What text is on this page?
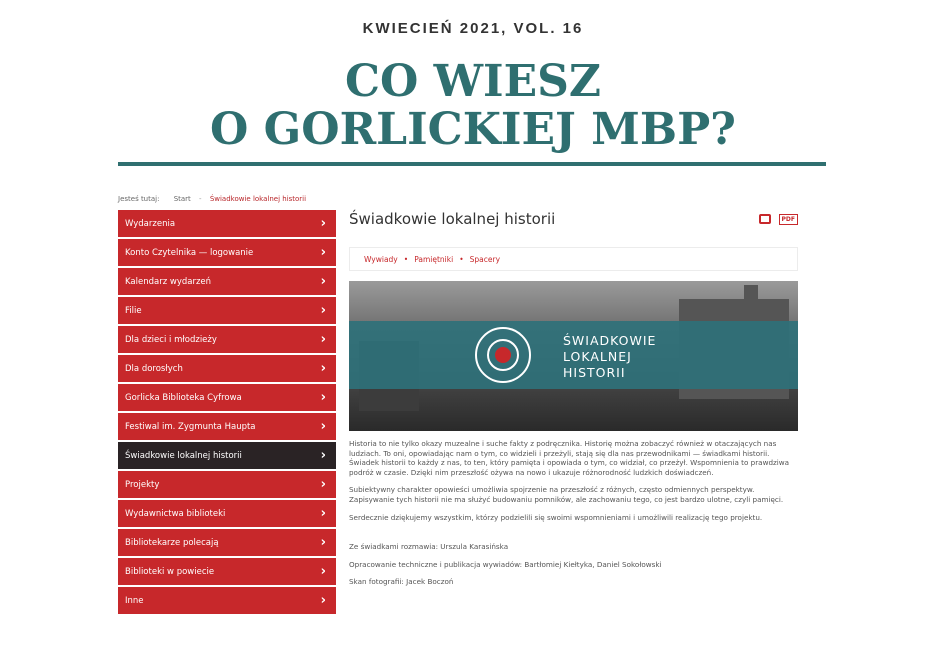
KWIECIEŃ 2021, VOL. 16
CO WIESZ
O GORLICKIEJ MBP?
Jesteś tutaj: Start - Świadkowie lokalnej historii
Wydarzenia	›
Konto Czytelnika — logowanie	›
Kalendarz wydarzeń	›
Filie	›
Dla dzieci i młodzieży	›
Dla dorosłych	›
Gorlicka Biblioteka Cyfrowa	›
Festiwal im. Zygmunta Haupta	›
Świadkowie lokalnej historii	›
Projekty	›
Wydawnictwa biblioteki	›
Bibliotekarze polecają	›
Biblioteki w powiecie	›
Inne	›
Świadkowie lokalnej historii	PDF
Wywiady • Pamiętniki • Spacery
ŚWIADKOWIE
LOKALNEJ
HISTORII

Historia to nie tylko okazy muzealne i suche fakty z podręcznika. Historię można zobaczyć również w otaczających nas ludziach. To oni, opowiadając nam o tym, co widzieli i przeżyli, stają się dla nas przewodnikami — świadkami historii. Świadek historii to każdy z nas, to ten, który pamięta i opowiada o tym, co widział, co przeżył. Wspomnienia to prawdziwa podróż w czasie. Dzięki nim przeszłość ożywa na nowo i ukazuje różnorodność ludzkich doświadczeń.

Subiektywny charakter opowieści umożliwia spojrzenie na przeszłość z różnych, często odmiennych perspektyw. Zapisywanie tych historii nie ma służyć budowaniu pomników, ale zachowaniu tego, co jest bardzo ulotne, czyli pamięci.

Serdecznie dziękujemy wszystkim, którzy podzielili się swoimi wspomnieniami i umożliwili realizację tego projektu.

Ze świadkami rozmawia: Urszula Karasińska

Opracowanie techniczne i publikacja wywiadów: Bartłomiej Kiełtyka, Daniel Sokołowski

Skan fotografii: Jacek Boczoń
